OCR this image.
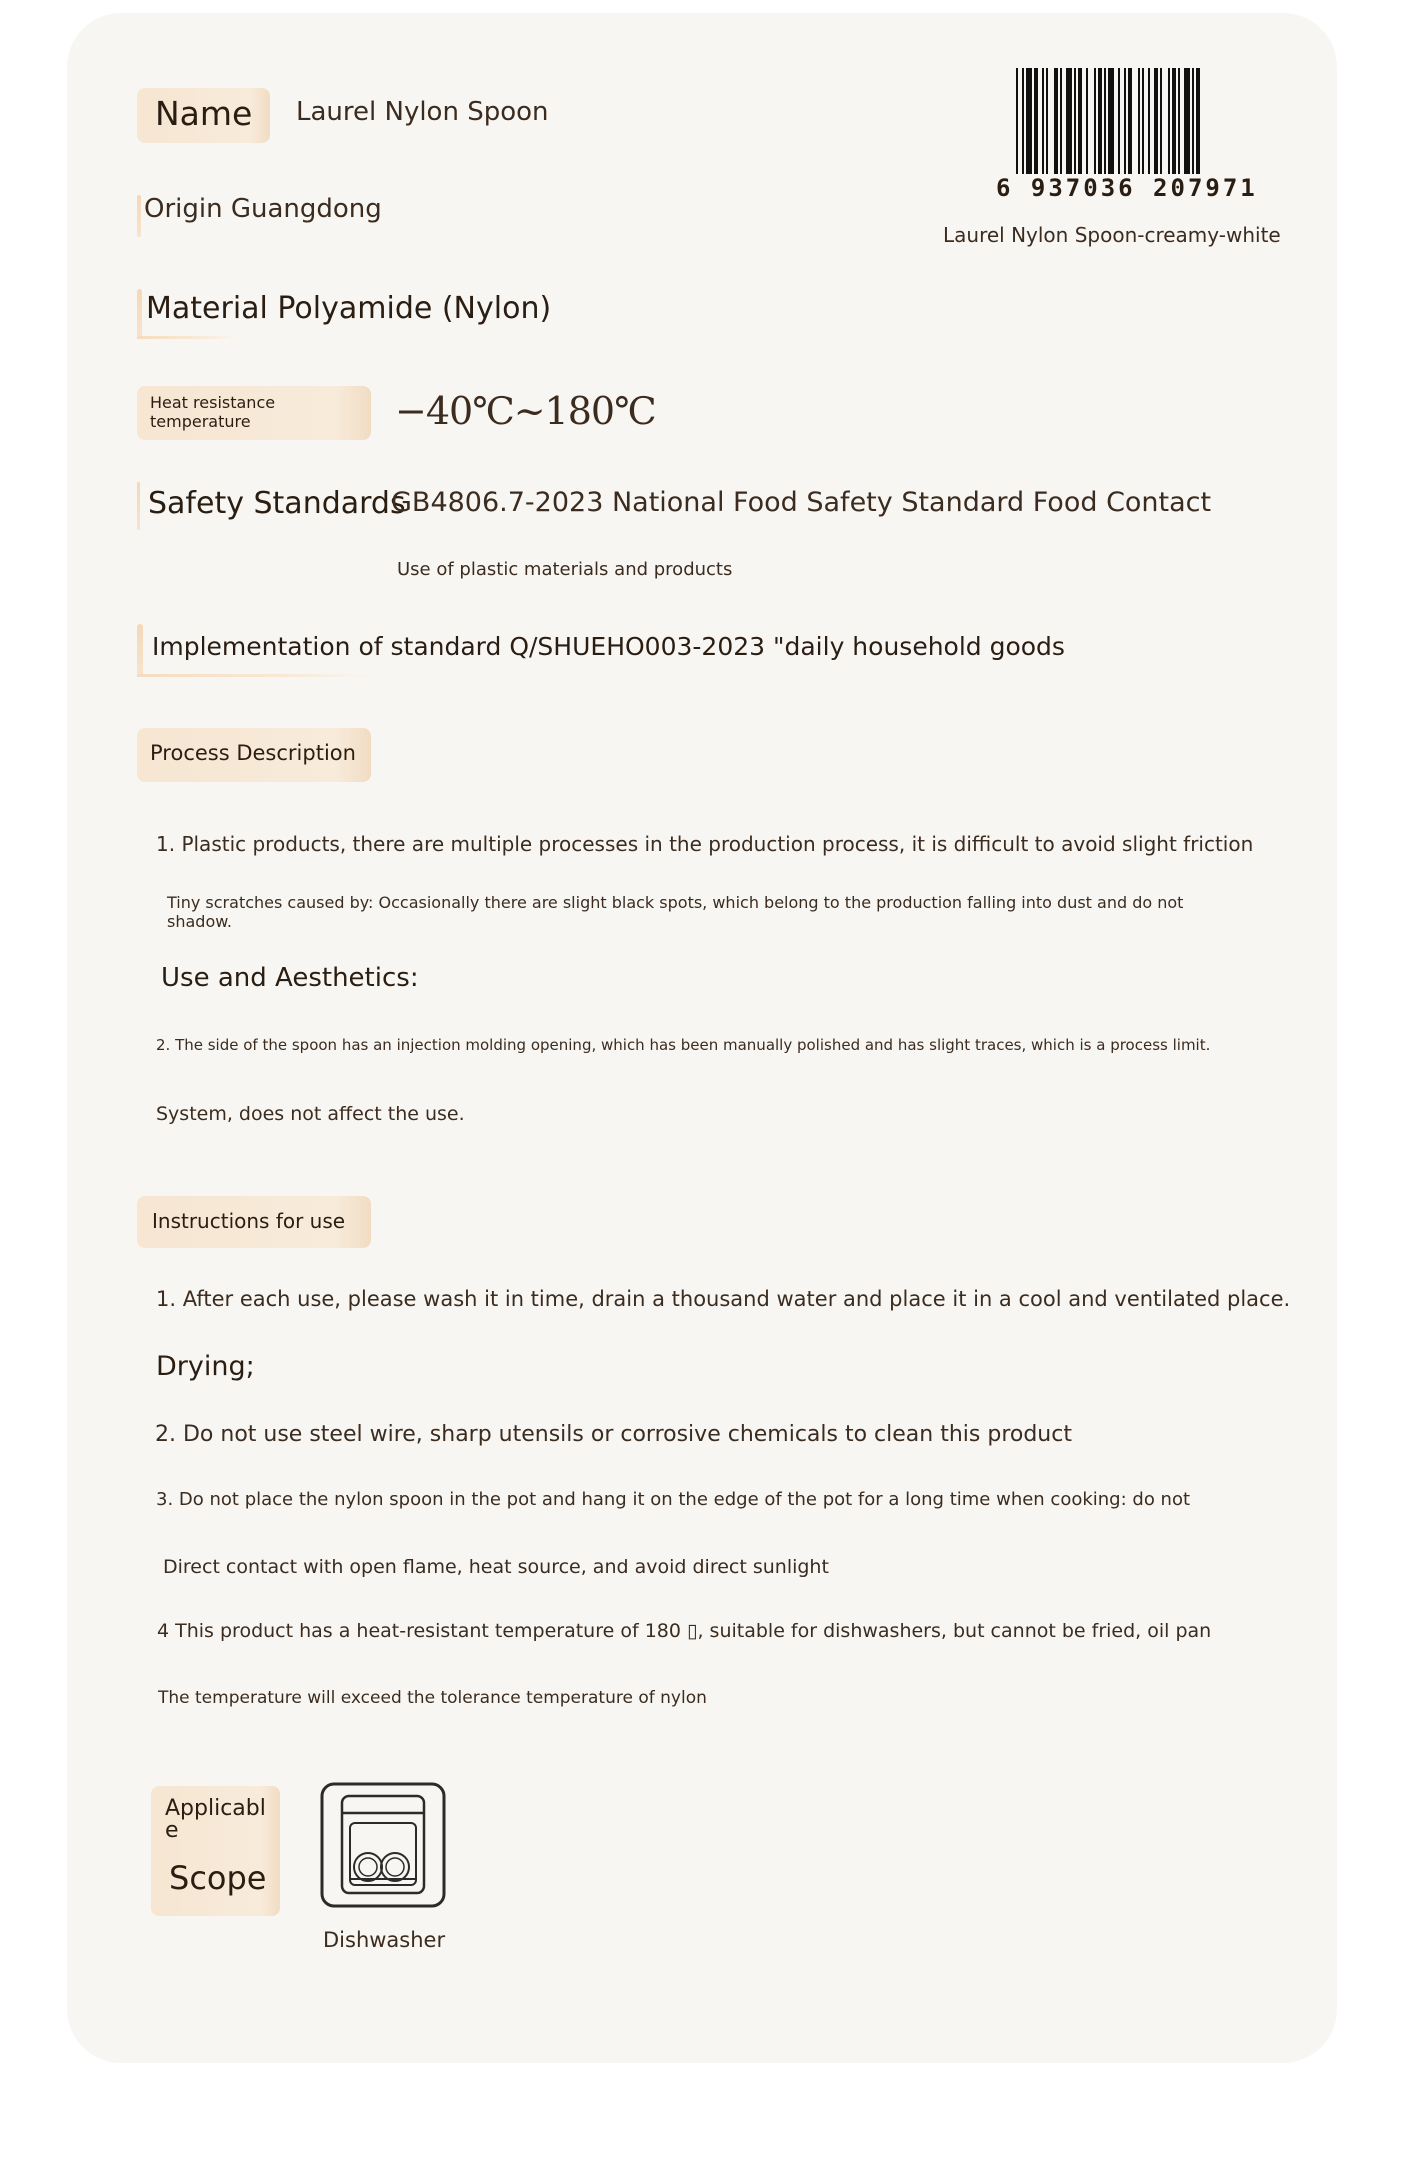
Name Laurel Nylon Spoon
Origin Guangdong
6 937036 207971
Laurel Nylon Spoon-creamy-white
Material Polyamide (Nylon)
Heat resistance temperature	−40℃~180℃
Safety Standards
GB4806.7-2023 National Food Safety Standard Food Contact
Use of plastic materials and products
Implementation of standard Q/SHUEHO003-2023 "daily household goods
Process Description
1. Plastic products, there are multiple processes in the production process, it is difficult to avoid slight friction
Tiny scratches caused by: Occasionally there are slight black spots, which belong to the production falling into dust and do not shadow.
Use and Aesthetics:
2. The side of the spoon has an injection molding opening, which has been manually polished and has slight traces, which is a process limit.
System, does not affect the use.
Instructions for use
1. After each use, please wash it in time, drain a thousand water and place it in a cool and ventilated place.
Drying;
2. Do not use steel wire, sharp utensils or corrosive chemicals to clean this product
3. Do not place the nylon spoon in the pot and hang it on the edge of the pot for a long time when cooking: do not
Direct contact with open flame, heat source, and avoid direct sunlight
4 This product has a heat-resistant temperature of 180 ▯, suitable for dishwashers, but cannot be fried, oil pan
The temperature will exceed the tolerance temperature of nylon
Applicable
Scope
Dishwasher
